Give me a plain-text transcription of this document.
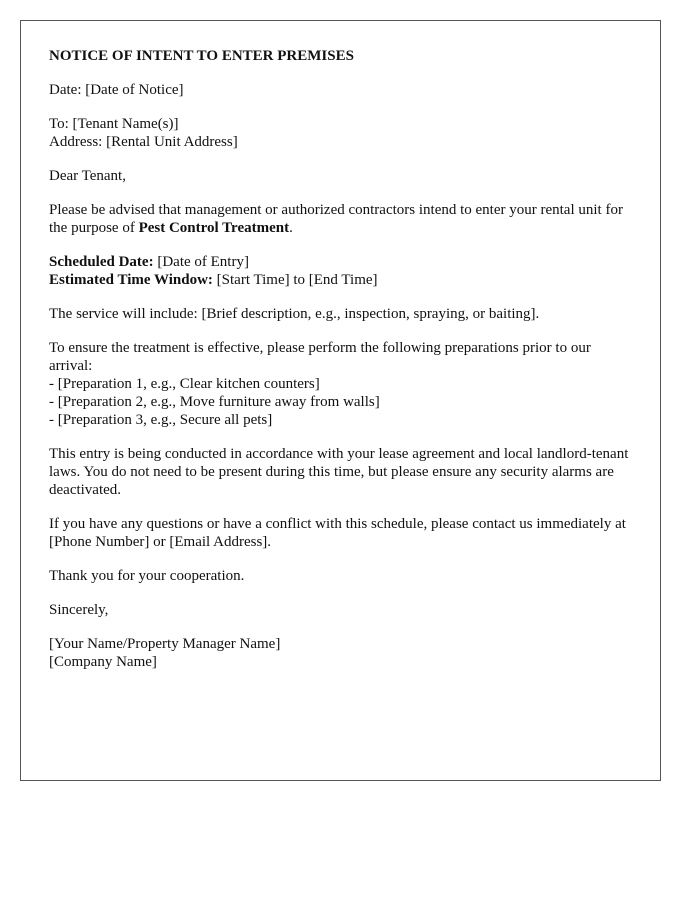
NOTICE OF INTENT TO ENTER PREMISES

Date: [Date of Notice]

To: [Tenant Name(s)]
Address: [Rental Unit Address]

Dear Tenant,

Please be advised that management or authorized contractors intend to enter your rental unit for the purpose of Pest Control Treatment.

Scheduled Date: [Date of Entry]
Estimated Time Window: [Start Time] to [End Time]

The service will include: [Brief description, e.g., inspection, spraying, or baiting].

To ensure the treatment is effective, please perform the following preparations prior to our arrival:
- [Preparation 1, e.g., Clear kitchen counters]
- [Preparation 2, e.g., Move furniture away from walls]
- [Preparation 3, e.g., Secure all pets]

This entry is being conducted in accordance with your lease agreement and local landlord-tenant laws. You do not need to be present during this time, but please ensure any security alarms are deactivated.

If you have any questions or have a conflict with this schedule, please contact us immediately at [Phone Number] or [Email Address].

Thank you for your cooperation.

Sincerely,

[Your Name/Property Manager Name]
[Company Name]
